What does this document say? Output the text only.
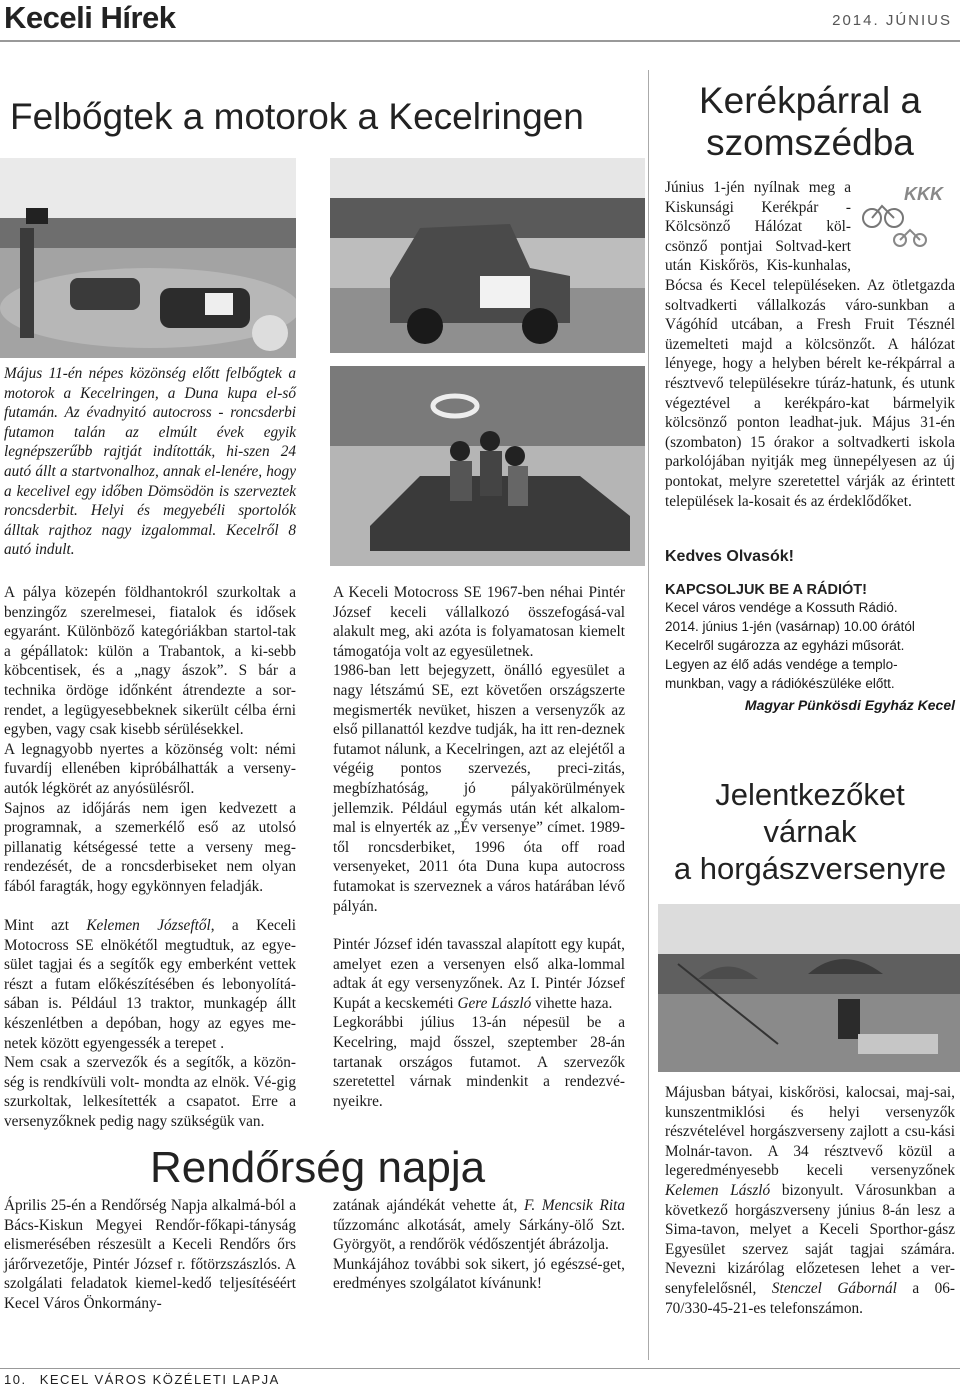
Keceli Hírek	2014. JÚNIUS
Felbőgtek a motorok a Kecelringen
Május 11-én népes közönség előtt felbőgtek a motorok a Kecelringen, a Duna kupa el-ső futamán. Az évadnyitó autocross - roncsderbi futamon talán az elmúlt évek egyik legnépszerűbb rajtját indították, hi-szen 24 autó állt a startvonalhoz, annak el-lenére, hogy a kecelivel egy időben Dömsödön is szerveztek roncsderbit. Helyi és megyebéli sportolók álltak rajthoz nagy izgalommal. Kecelről 8 autó indult.

A pálya közepén földhantokról szurkoltak a benzingőz szerelmesei, fiatalok és idősek egyaránt. Különböző kategóriákban startol-tak a gépállatok: külön a Trabantok, a ki-sebb köbcentisek, és a „nagy ászok”. S bár a technika ördöge időnként átrendezte a sor-rendet, a legügyesebbeknek sikerült célba érni egyben, vagy csak kisebb sérülésekkel.

A legnagyobb nyertes a közönség volt: némi fuvardíj ellenében kipróbálhatták a verseny-autók légkörét az anyósülésről.

Sajnos az időjárás nem igen kedvezett a programnak, a szemerkélő eső az utolsó pillanatig kétségessé tette a verseny meg-rendezését, de a roncsderbiseket nem olyan fából faragták, hogy egykönnyen feladják.

Mint azt Kelemen Józseftől, a Keceli Motocross SE elnökétől megtudtuk, az egye-sület tagjai és a segítők egy emberként vettek részt a futam előkészítésében és lebonyolítá-sában is. Például 13 traktor, munkagép állt készenlétben a depóban, hogy az egyes me-netek között egyengessék a terepet .

Nem csak a szervezők és a segítők, a közön-ség is rendkívüli volt- mondta az elnök. Vé-gig szurkoltak, lelkesítették a csapatot. Erre a versenyzőknek pedig nagy szükségük van.

A Keceli Motocross SE 1967-ben néhai Pintér József keceli vállalkozó összefogásá-val alakult meg, aki azóta is folyamatosan kiemelt támogatója volt az egyesületnek.

1986-ban lett bejegyzett, önálló egyesület a nagy létszámú SE, ezt követően országszerte megismerték nevüket, hiszen a versenyzők az első pillanattól kezdve tudják, ha itt ren-deznek futamot nálunk, a Kecelringen, azt az elejétől a végéig pontos szervezés, preci-zitás, megbízhatóság, jó pályakörülmények jellemzik. Például egymás után két alkalom-mal is elnyerték az „Év versenye” címet. 1989-től roncsderbiket, 1996 óta off road versenyeket, 2011 óta Duna kupa autocross futamokat is szerveznek a város határában lévő pályán.

Pintér József idén tavasszal alapított egy kupát, amelyet ezen a versenyen első alka-lommal adtak át egy versenyzőnek. Az I. Pintér József Kupát a kecskeméti Gere László vihette haza.

Legkorábbi július 13-án népesül be a Kecelring, majd ősszel, szeptember 28-án tartanak országos futamot. A szervezők szeretettel várnak mindenkit a rendezvé-nyeikre.

Rendőrség napja
Április 25-én a Rendőrség Napja alkalmá-ból a Bács-Kiskun Megyei Rendőr-főkapi-tányság elismerésében részesült a Keceli Rendőrs őrs járőrvezetője, Pintér József r. főtörzszászlós. A szolgálati feladatok kiemel-kedő teljesítéséért Kecel Város Önkormány-

zatának ajándékát vehette át, F. Mencsik Rita tűzzománc alkotását, amely Sárkány-ölő Szt. Györgyöt, a rendőrök védőszentjét ábrázolja.

Munkájához további sok sikert, jó egészsé-get, eredményes szolgálatot kívánunk!

Kerékpárral a
szomszédba
KKK
Június 1-jén nyílnak meg a Kiskunsági Kerékpár - Kölcsönző Hálózat köl-csönző pontjai Soltvad-kert után Kiskőrös, Kis-kunhalas, Bócsa és Kecel településeken. Az ötletgazda soltvadkerti vállalkozás váro-sunkban a Vágóhíd utcában, a Fresh Fruit Tésznél üzemelteti majd a kölcsönzőt. A hálózat lényege, hogy a helyben bérelt ke-rékpárral a résztvevő településekre túráz-hatunk, és utunk végeztével a kerékpáro-kat bármelyik kölcsönző ponton leadhat-juk. Május 31-én (szombaton) 15 órakor a soltvadkerti iskola parkolójában nyitják meg ünnepélyesen az új pontokat, melyre szeretettel várják az érintett települések la-kosait és az érdeklődőket.
Kedves Olvasók!
KAPCSOLJUK BE A RÁDIÓT!
Kecel város vendége a Kossuth Rádió.
2014. június 1-jén (vasárnap) 10.00 órától
Kecelről sugározza az egyházi műsorát.
Legyen az élő adás vendége a templo-
munkban, vagy a rádiókészüléke előtt.
Magyar Pünkösdi Egyház Kecel
Jelentkezőket
várnak
a horgászversenyre
Májusban bátyai, kiskőrösi, kalocsai, maj-sai, kunszentmiklósi és helyi versenyzők részvételével horgászverseny zajlott a csu-kási Molnár-tavon. A 34 résztvevő közül a legeredményesebb keceli versenyzőnek Kelemen László bizonyult. Városunkban a következő horgászverseny június 8-án lesz a Sima-tavon, melyet a Keceli Sporthor-gász Egyesület szervez saját tagjai számára. Nevezni kizárólag előzetesen lehet a ver-senyfelelősnél, Stenczel Gábornál a 06-70/330-45-21-es telefonszámon.
10. KECEL VÁROS KÖZÉLETI LAPJA
